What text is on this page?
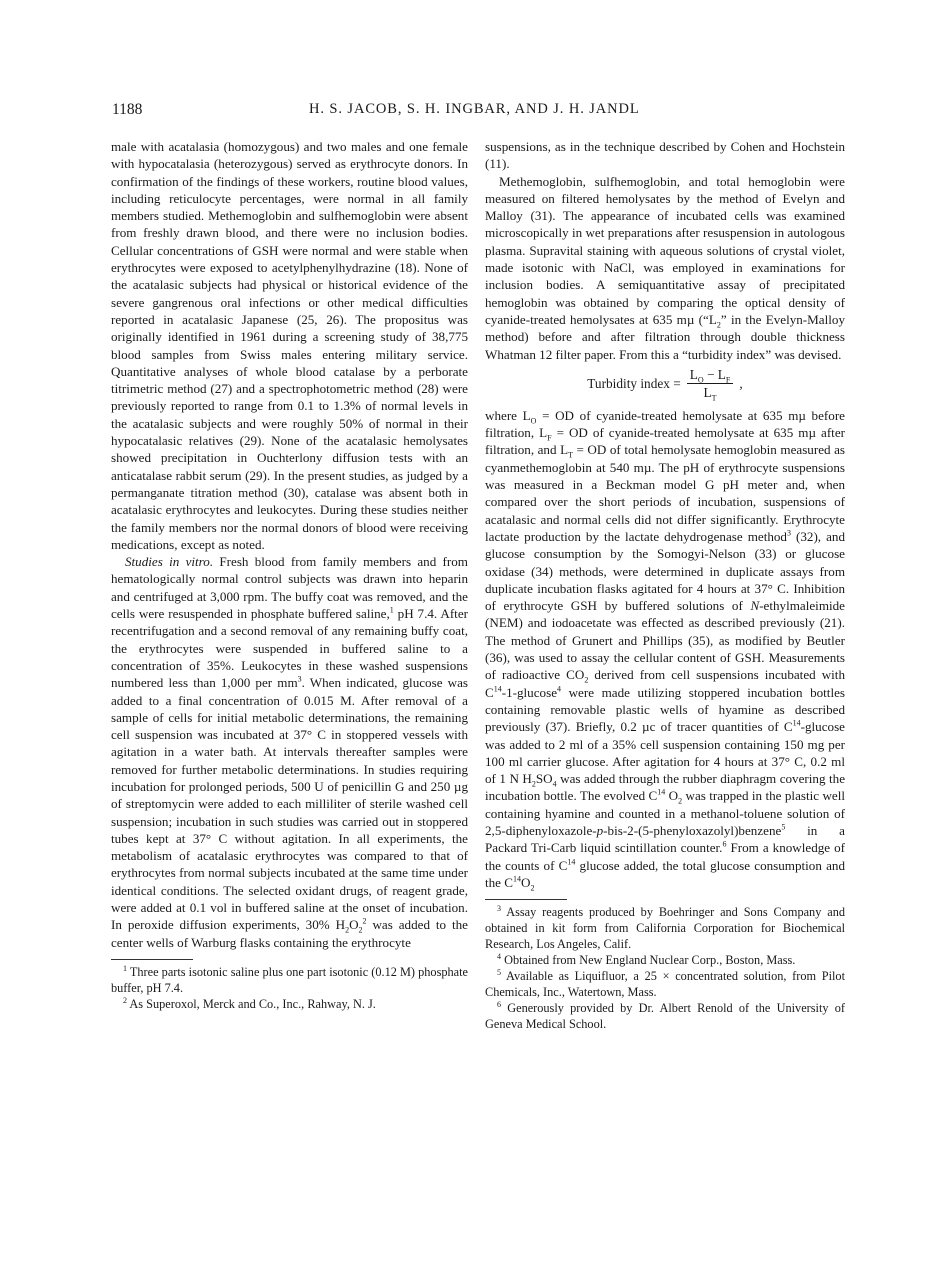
1188	H. S. JACOB, S. H. INGBAR, AND J. H. JANDL

male with acatalasia (homozygous) and two males and one female with hypocatalasia (heterozygous) served as erythrocyte donors. In confirmation of the findings of these workers, routine blood values, including reticulocyte percentages, were normal in all family members studied. Methemoglobin and sulfhemoglobin were absent from freshly drawn blood, and there were no inclusion bodies. Cellular concentrations of GSH were normal and were stable when erythrocytes were exposed to acetylphenylhydrazine (18). None of the acatalasic subjects had physical or historical evidence of the severe gangrenous oral infections or other medical difficulties reported in acatalasic Japanese (25, 26). The propositus was originally identified in 1961 during a screening study of 38,775 blood samples from Swiss males entering military service. Quantitative analyses of whole blood catalase by a perborate titrimetric method (27) and a spectrophotometric method (28) were previously reported to range from 0.1 to 1.3% of normal levels in the acatalasic subjects and were roughly 50% of normal in their hypocatalasic relatives (29). None of the acatalasic hemolysates showed precipitation in Ouchterlony diffusion tests with an anticatalase rabbit serum (29). In the present studies, as judged by a permanganate titration method (30), catalase was absent both in acatalasic erythrocytes and leukocytes. During these studies neither the family members nor the normal donors of blood were receiving medications, except as noted.

Studies in vitro. Fresh blood from family members and from hematologically normal control subjects was drawn into heparin and centrifuged at 3,000 rpm. The buffy coat was removed, and the cells were resuspended in phosphate buffered saline,$^1$ pH 7.4. After recentrifugation and a second removal of any remaining buffy coat, the erythrocytes were suspended in buffered saline to a concentration of 35%. Leukocytes in these washed suspensions numbered less than 1,000 per $mm^3$. When indicated, glucose was added to a final concentration of 0.015 M. After removal of a sample of cells for initial metabolic determinations, the remaining cell suspension was incubated at 37° C in stoppered vessels with agitation in a water bath. At intervals thereafter samples were removed for further metabolic determinations. In studies requiring incubation for prolonged periods, 500 U of penicillin G and 250 µg of streptomycin were added to each milliliter of sterile washed cell suspension; incubation in such studies was carried out in stoppered tubes kept at 37° C without agitation. In all experiments, the metabolism of acatalasic erythrocytes was compared to that of erythrocytes from normal subjects incubated at the same time under identical conditions. The selected oxidant drugs, of reagent grade, were added at 0.1 vol in buffered saline at the onset of incubation. In peroxide diffusion experiments, 30% $H_2O_2^2$ was added to the center wells of Warburg flasks containing the erythrocyte

$^1$ Three parts isotonic saline plus one part isotonic (0.12 M) phosphate buffer, pH 7.4.

$^2$ As Superoxol, Merck and Co., Inc., Rahway, N. J.

suspensions, as in the technique described by Cohen and Hochstein (11).

Methemoglobin, sulfhemoglobin, and total hemoglobin were measured on filtered hemolysates by the method of Evelyn and Malloy (31). The appearance of incubated cells was examined microscopically in wet preparations after resuspension in autologous plasma. Supravital staining with aqueous solutions of crystal violet, made isotonic with NaCl, was employed in examinations for inclusion bodies. A semiquantitative assay of precipitated hemoglobin was obtained by comparing the optical density of cyanide-treated hemolysates at 635 mµ (“$L_2$” in the Evelyn-Malloy method) before and after filtration through double thickness Whatman 12 filter paper. From this a “turbidity index” was devised.

Turbidity index = $\frac{L_O - L_F}{L_T}$ ,

where $L_O$ = OD of cyanide-treated hemolysate at 635 mµ before filtration, $L_F$ = OD of cyanide-treated hemolysate at 635 mµ after filtration, and $L_T$ = OD of total hemolysate hemoglobin measured as cyanmethemoglobin at 540 mµ. The pH of erythrocyte suspensions was measured in a Beckman model G pH meter and, when compared over the short periods of incubation, suspensions of acatalasic and normal cells did not differ significantly. Erythrocyte lactate production by the lactate dehydrogenase method$^3$ (32), and glucose consumption by the Somogyi-Nelson (33) or glucose oxidase (34) methods, were determined in duplicate assays from duplicate incubation flasks agitated for 4 hours at 37° C. Inhibition of erythrocyte GSH by buffered solutions of N-ethylmaleimide (NEM) and iodoacetate was effected as described previously (21). The method of Grunert and Phillips (35), as modified by Beutler (36), was used to assay the cellular content of GSH. Measurements of radioactive $CO_2$ derived from cell suspensions incubated with $C^{14}-1-glucose^4$ were made utilizing stoppered incubation bottles containing removable plastic wells of hyamine as described previously (37). Briefly, 0.2 µc of tracer quantities of $C^{14}$-glucose was added to 2 ml of a 35% cell suspension containing 150 mg per 100 ml carrier glucose. After agitation for 4 hours at 37° C, 0.2 ml of 1 N $H_2SO_4$ was added through the rubber diaphragm covering the incubation bottle. The evolved $C^{14}$ $O_2$ was trapped in the plastic well containing hyamine and counted in a methanol-toluene solution of 2,5-diphenyloxazole-p-bis-2-(5-phenyloxazolyl)benzene$^5$ in a Packard Tri-Carb liquid scintillation counter.$^6$ From a knowledge of the counts of $C^{14}$ glucose added, the total glucose consumption and the $C^{14}O_2$

$^3$ Assay reagents produced by Boehringer and Sons Company and obtained in kit form from California Corporation for Biochemical Research, Los Angeles, Calif.

$^4$ Obtained from New England Nuclear Corp., Boston, Mass.

$^5$ Available as Liquifluor, a 25 × concentrated solution, from Pilot Chemicals, Inc., Watertown, Mass.

$^6$ Generously provided by Dr. Albert Renold of the University of Geneva Medical School.
